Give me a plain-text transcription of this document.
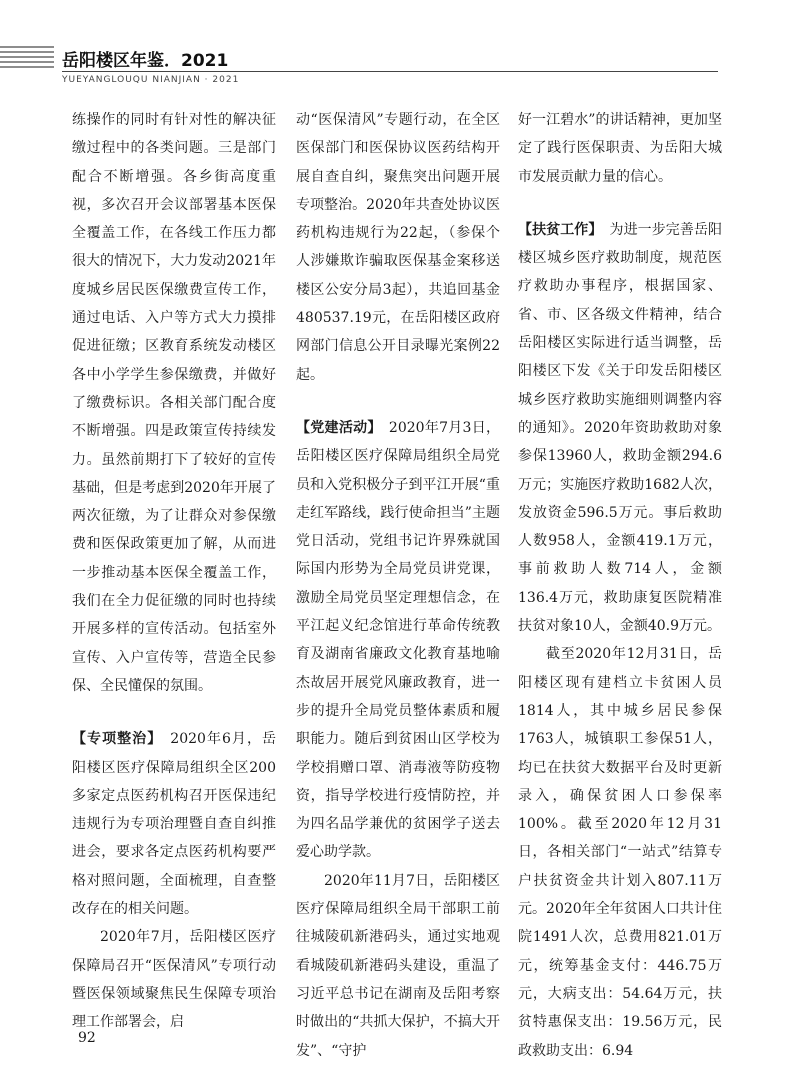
岳阳楼区年鉴．2021
YUEYANGLOUQU NIANJIAN · 2021

练操作的同时有针对性的解决征缴过程中的各类问题。三是部门配合不断增强。各乡街高度重视，多次召开会议部署基本医保全覆盖工作，在各线工作压力都很大的情况下，大力发动2021年度城乡居民医保缴费宣传工作，通过电话、入户等方式大力摸排促进征缴；区教育系统发动楼区各中小学学生参保缴费，并做好了缴费标识。各相关部门配合度不断增强。四是政策宣传持续发力。虽然前期打下了较好的宣传基础，但是考虑到2020年开展了两次征缴，为了让群众对参保缴费和医保政策更加了解，从而进一步推动基本医保全覆盖工作，我们在全力促征缴的同时也持续开展多样的宣传活动。包括室外宣传、入户宣传等，营造全民参保、全民懂保的氛围。

【专项整治】　 2020年6月，岳阳楼区医疗保障局组织全区200多家定点医药机构召开医保违纪违规行为专项治理暨自查自纠推进会，要求各定点医药机构要严格对照问题，全面梳理，自查整改存在的相关问题。

2020年7月，岳阳楼区医疗保障局召开“医保清风”专项行动暨医保领域聚焦民生保障专项治理工作部署会，启

动“医保清风”专题行动，在全区医保部门和医保协议医药结构开展自查自纠，聚焦突出问题开展专项整治。2020年共查处协议医药机构违规行为22起，（参保个人涉嫌欺诈骗取医保基金案移送楼区公安分局3起），共追回基金480537.19元，在岳阳楼区政府网部门信息公开目录曝光案例22起。

【党建活动】　 2020年7月3日，岳阳楼区医疗保障局组织全局党员和入党积极分子到平江开展“重走红军路线，践行使命担当”主题党日活动，党组书记许界殊就国际国内形势为全局党员讲党课，激励全局党员坚定理想信念，在平江起义纪念馆进行革命传统教育及湖南省廉政文化教育基地喻杰故居开展党风廉政教育，进一步的提升全局党员整体素质和履职能力。随后到贫困山区学校为学校捐赠口罩、消毒液等防疫物资，指导学校进行疫情防控，并为四名品学兼优的贫困学子送去爱心助学款。

2020年11月7日，岳阳楼区医疗保障局组织全局干部职工前往城陵矶新港码头，通过实地观看城陵矶新港码头建设，重温了习近平总书记在湖南及岳阳考察时做出的“共抓大保护，不搞大开发”、“守护

好一江碧水”的讲话精神，更加坚定了践行医保职责、为岳阳大城市发展贡献力量的信心。

【扶贫工作】　 为进一步完善岳阳楼区城乡医疗救助制度，规范医疗救助办事程序，根据国家、省、市、区各级文件精神，结合岳阳楼区实际进行适当调整，岳阳楼区下发《关于印发岳阳楼区城乡医疗救助实施细则调整内容的通知》。2020年资助救助对象参保13960人，救助金额294.6万元；实施医疗救助1682人次，发放资金596.5万元。事后救助人数958人，金额419.1万元，事前救助人数714人，金额136.4万元，救助康复医院精准扶贫对象10人，金额40.9万元。

截至2020年12月31日，岳阳楼区现有建档立卡贫困人员1814人，其中城乡居民参保1763人，城镇职工参保51人，均已在扶贫大数据平台及时更新录入，确保贫困人口参保率100%。截至2020年12月31日，各相关部门“一站式”结算专户扶贫资金共计划入807.11万元。2020年全年贫困人口共计住院1491人次，总费用821.01万元，统筹基金支付：446.75万元，大病支出：54.64万元，扶贫特惠保支出：19.56万元，民政救助支出：6.94

92
